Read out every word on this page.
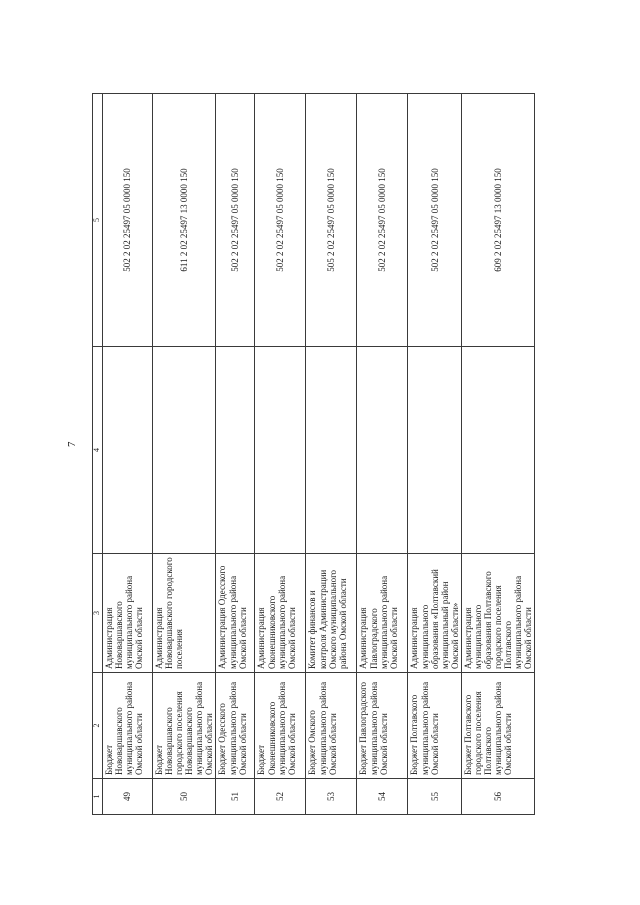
7
1	2	3	4	5
49	Бюджет Нововаршавского муниципального района Омской области	Администрация Нововаршавского муниципального района Омской области		502 2 02 25497 05 0000 150
50	Бюджет Нововаршавского городского поселения Нововаршавского муниципального района Омской области	Администрация Нововаршавского городского поселения		611 2 02 25497 13 0000 150
51	Бюджет Одесского муниципального района Омской области	Администрация Одесского муниципального района Омской области		502 2 02 25497 05 0000 150
52	Бюджет Оконешниковского муниципального района Омской области	Администрация Оконешниковского муниципального района Омской области		502 2 02 25497 05 0000 150
53	Бюджет Омского муниципального района Омской области	Комитет финансов и контроля Администрации Омского муниципального района Омской области		505 2 02 25497 05 0000 150
54	Бюджет Павлоградского муниципального района Омской области	Администрация Павлоградского муниципального района Омской области		502 2 02 25497 05 0000 150
55	Бюджет Полтавского муниципального района Омской области	Администрация муниципального образования «Полтавский муниципальный район Омской области»		502 2 02 25497 05 0000 150
56	Бюджет Полтавского городского поселения Полтавского муниципального района Омской области	Администрация муниципального образования Полтавского городского поселения Полтавского муниципального района Омской области		609 2 02 25497 13 0000 150
